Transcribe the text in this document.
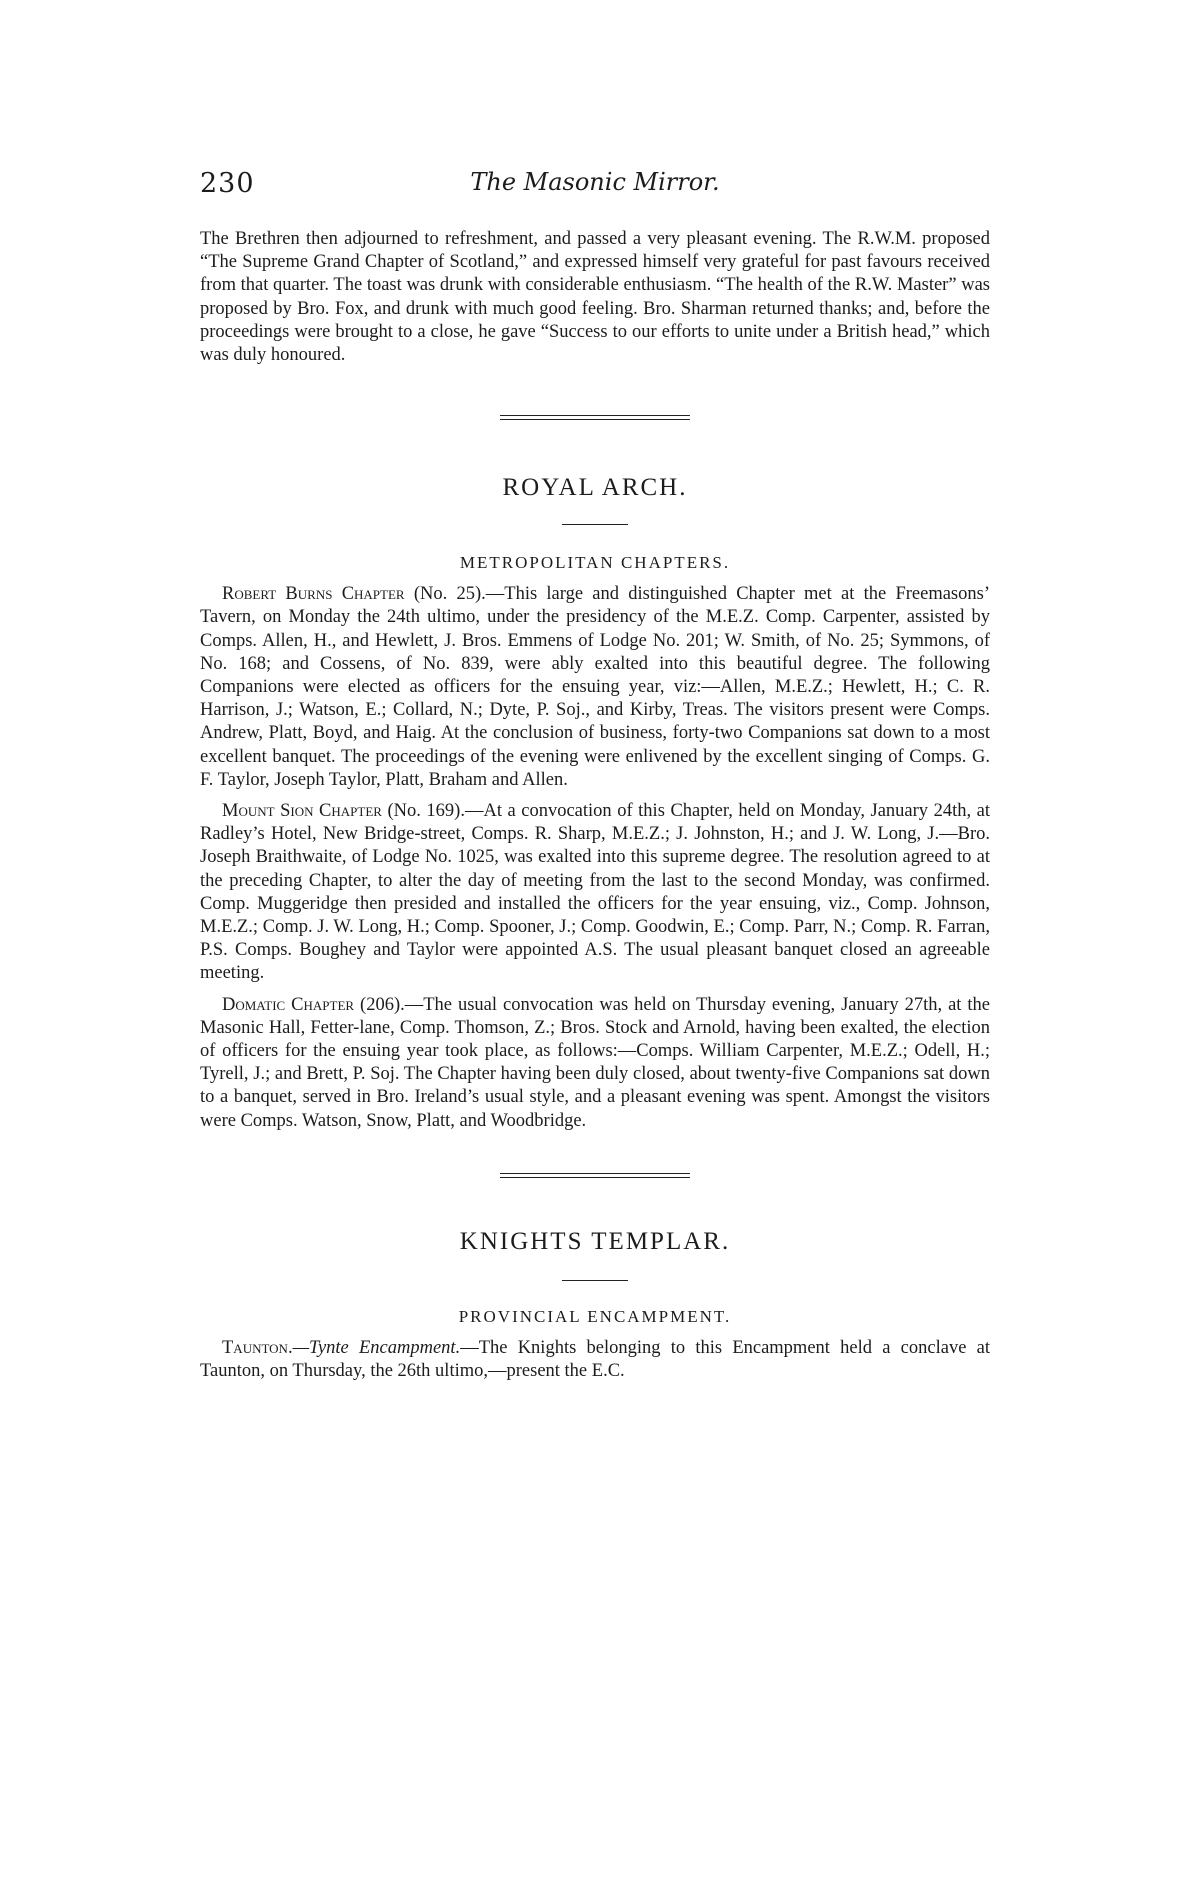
230	The Masonic Mirror.

The Brethren then adjourned to refreshment, and passed a very pleasant evening. The R.W.M. proposed “The Supreme Grand Chapter of Scotland,” and expressed himself very grateful for past favours received from that quarter. The toast was drunk with considerable enthusiasm. “The health of the R.W. Master” was proposed by Bro. Fox, and drunk with much good feeling. Bro. Sharman returned thanks; and, before the proceedings were brought to a close, he gave “Success to our efforts to unite under a British head,” which was duly honoured.

ROYAL ARCH.
METROPOLITAN CHAPTERS.

Robert Burns Chapter (No. 25).—This large and distinguished Chapter met at the Freemasons’ Tavern, on Monday the 24th ultimo, under the presidency of the M.E.Z. Comp. Carpenter, assisted by Comps. Allen, H., and Hewlett, J. Bros. Emmens of Lodge No. 201; W. Smith, of No. 25; Symmons, of No. 168; and Cossens, of No. 839, were ably exalted into this beautiful degree. The following Companions were elected as officers for the ensuing year, viz:—Allen, M.E.Z.; Hewlett, H.; C. R. Harrison, J.; Watson, E.; Collard, N.; Dyte, P. Soj., and Kirby, Treas. The visitors present were Comps. Andrew, Platt, Boyd, and Haig. At the conclusion of business, forty-two Companions sat down to a most excellent banquet. The proceedings of the evening were enlivened by the excellent singing of Comps. G. F. Taylor, Joseph Taylor, Platt, Braham and Allen.

Mount Sion Chapter (No. 169).—At a convocation of this Chapter, held on Monday, January 24th, at Radley’s Hotel, New Bridge-street, Comps. R. Sharp, M.E.Z.; J. Johnston, H.; and J. W. Long, J.—Bro. Joseph Braithwaite, of Lodge No. 1025, was exalted into this supreme degree. The resolution agreed to at the preceding Chapter, to alter the day of meeting from the last to the second Monday, was confirmed. Comp. Muggeridge then presided and installed the officers for the year ensuing, viz., Comp. Johnson, M.E.Z.; Comp. J. W. Long, H.; Comp. Spooner, J.; Comp. Goodwin, E.; Comp. Parr, N.; Comp. R. Farran, P.S. Comps. Boughey and Taylor were appointed A.S. The usual pleasant banquet closed an agreeable meeting.

Domatic Chapter (206).—The usual convocation was held on Thursday evening, January 27th, at the Masonic Hall, Fetter-lane, Comp. Thomson, Z.; Bros. Stock and Arnold, having been exalted, the election of officers for the ensuing year took place, as follows:—Comps. William Carpenter, M.E.Z.; Odell, H.; Tyrell, J.; and Brett, P. Soj. The Chapter having been duly closed, about twenty-five Companions sat down to a banquet, served in Bro. Ireland’s usual style, and a pleasant evening was spent. Amongst the visitors were Comps. Watson, Snow, Platt, and Woodbridge.

KNIGHTS TEMPLAR.
PROVINCIAL ENCAMPMENT.

Taunton.—Tynte Encampment.—The Knights belonging to this Encampment held a conclave at Taunton, on Thursday, the 26th ultimo,—present the E.C.
